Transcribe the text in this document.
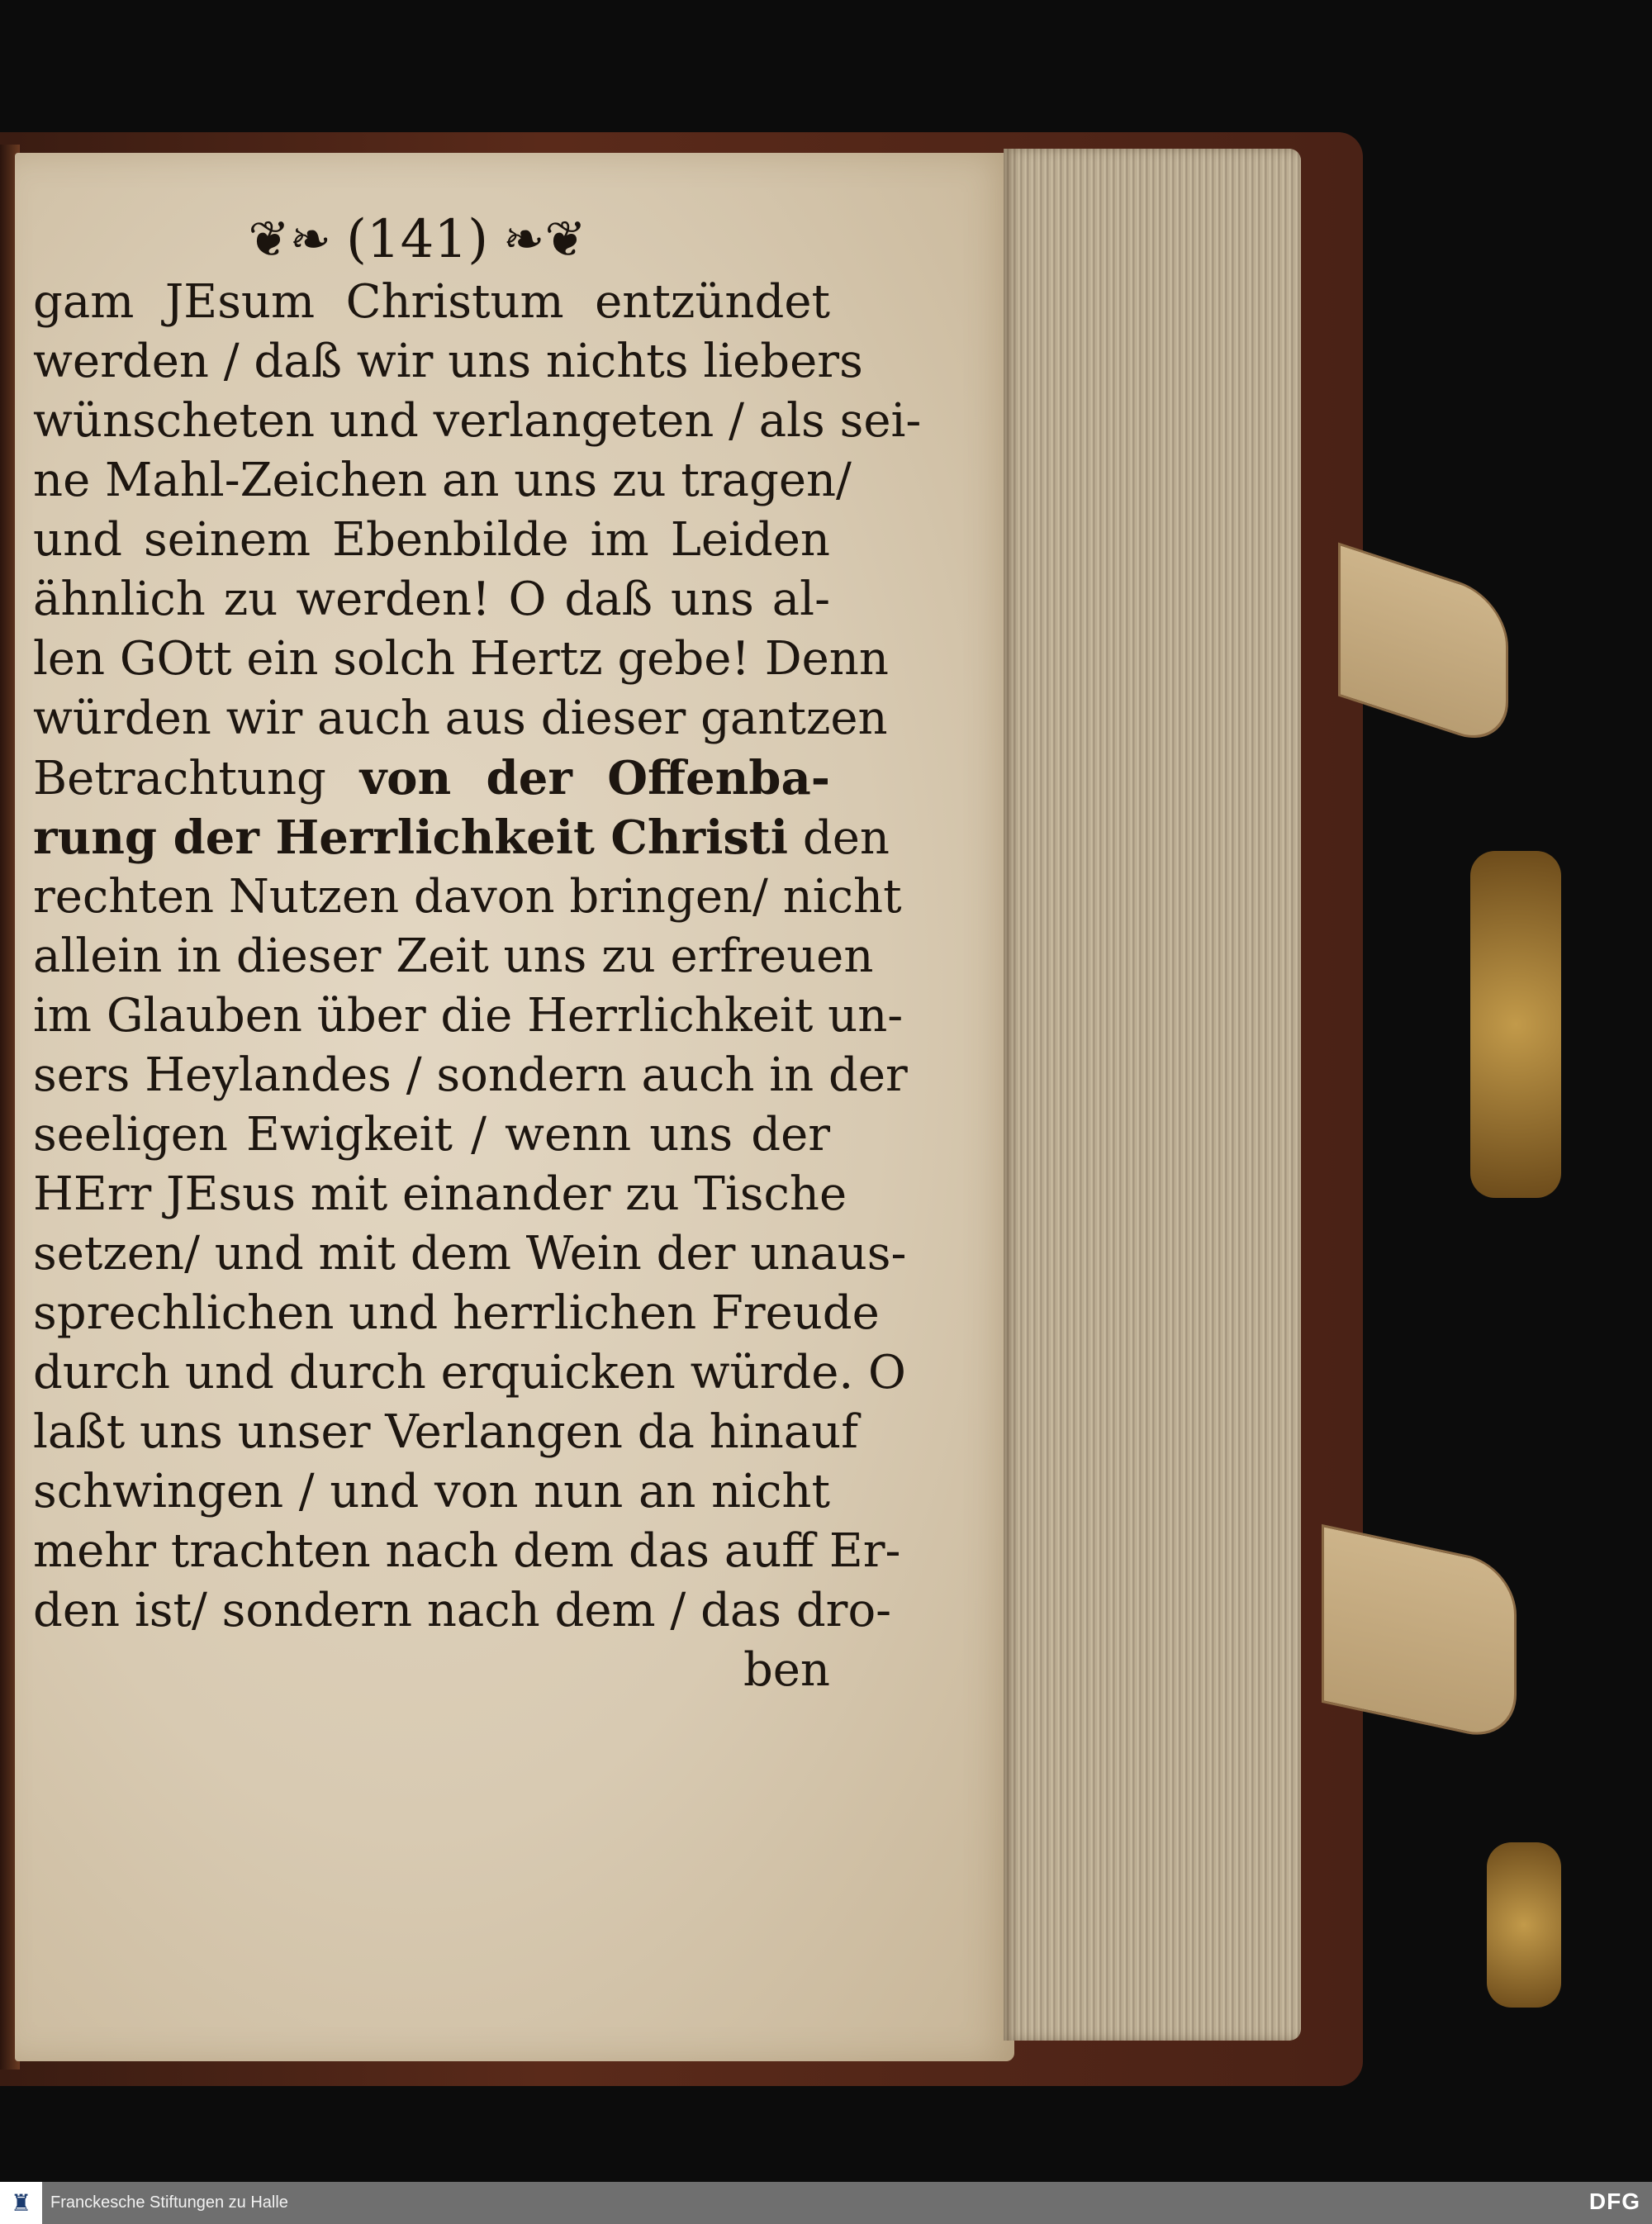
❦❧ (141) ❧❦
gam JEsum Christum entzündet
werden / daß wir uns nichts liebers
wünscheten und verlangeten / als sei-
ne Mahl-Zeichen an uns zu tragen/
und seinem Ebenbilde im Leiden
ähnlich zu werden! O daß uns al-
len GOtt ein solch Hertz gebe! Denn
würden wir auch aus dieser gantzen
Betrachtung von der Offenba-
rung der Herrlichkeit Christi den
rechten Nutzen davon bringen/ nicht
allein in dieser Zeit uns zu erfreuen
im Glauben über die Herrlichkeit un-
sers Heylandes / sondern auch in der
seeligen Ewigkeit / wenn uns der
HErr JEsus mit einander zu Tische
setzen/ und mit dem Wein der unaus-
sprechlichen und herrlichen Freude
durch und durch erquicken würde. O
laßt uns unser Verlangen da hinauf
schwingen / und von nun an nicht
mehr trachten nach dem das auff Er-
den ist/ sondern nach dem / das dro-
ben
♜	Franckesche Stiftungen zu Halle	DFG
